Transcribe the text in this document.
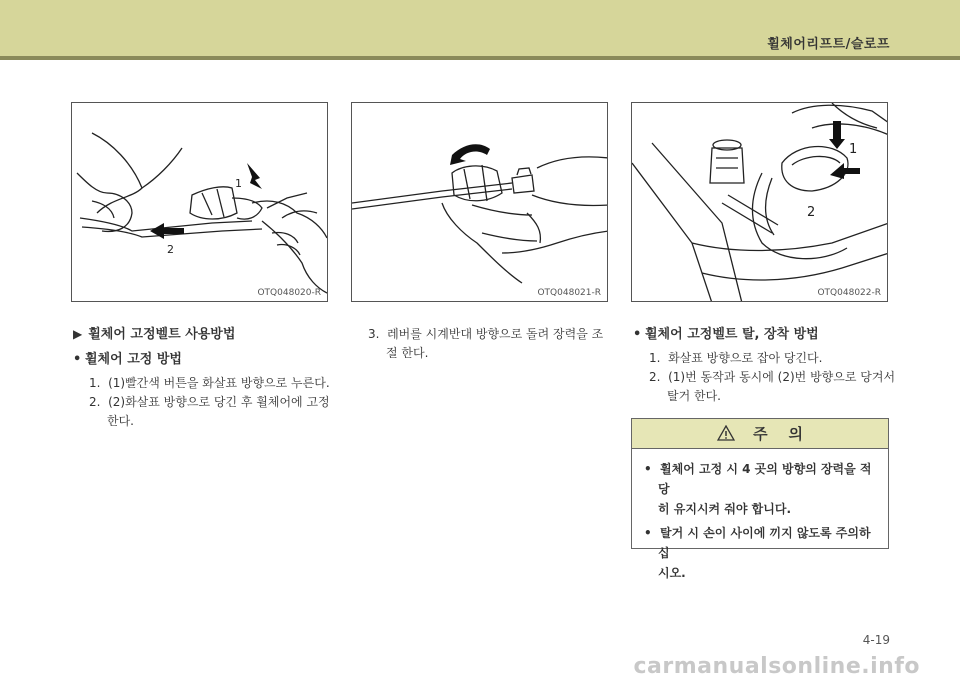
휠체어리프트/슬로프
1
2
OTQ048020-R	OTQ048021-R
1
2
OTQ048022-R
▶ 휠체어 고정벨트 사용방법
• 휠체어 고정 방법
1. (1)빨간색 버튼을 화살표 방향으로 누른다.
2. (2)화살표 방향으로 당긴 후 휠체어에 고정
한다.
3. 레버를 시계반대 방향으로 돌려 장력을 조
절 한다.
• 휠체어 고정벨트 탈, 장착 방법
1. 화살표 방향으로 잡아 당긴다.
2. (1)번 동작과 동시에 (2)번 방향으로 당겨서
탈거 한다.
주    의
•  휠체어 고정 시 4 곳의 방향의 장력을 적당
히 유지시켜 줘야 합니다.
•  탈거 시 손이 사이에 끼지 않도록 주의하십
시오.
4-19
carmanualsonline.info
